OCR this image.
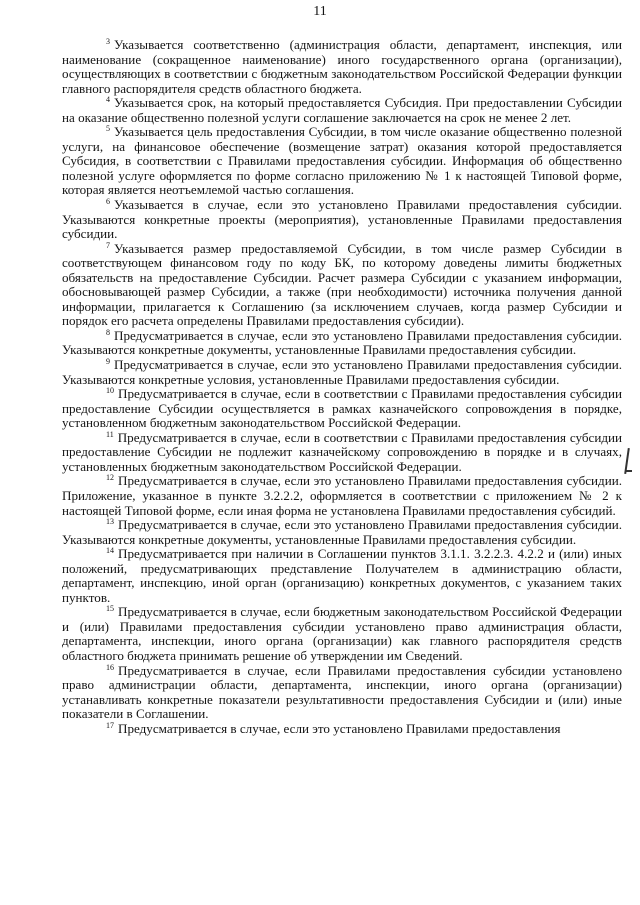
11

$^3$ Указывается соответственно (администрация области, департамент, инспекция, или наименование (сокращенное наименование) иного государственного органа (организации), осуществляющих в соответствии с бюджетным законодательством Российской Федерации функции главного распорядителя средств областного бюджета.

$^4$ Указывается срок, на который предоставляется Субсидия. При предоставлении Субсидии на оказание общественно полезной услуги соглашение заключается на срок не менее 2 лет.

$^5$ Указывается цель предоставления Субсидии, в том числе оказание общественно полезной услуги, на финансовое обеспечение (возмещение затрат) оказания которой предоставляется Субсидия, в соответствии с Правилами предоставления субсидии. Информация об общественно полезной услуге оформляется по форме согласно приложению № 1 к настоящей Типовой форме, которая является неотъемлемой частью соглашения.

$^6$ Указывается в случае, если это установлено Правилами предоставления субсидии. Указываются конкретные проекты (мероприятия), установленные Правилами предоставления субсидии.

$^7$ Указывается размер предоставляемой Субсидии, в том числе размер Субсидии в соответствующем финансовом году по коду БК, по которому доведены лимиты бюджетных обязательств на предоставление Субсидии. Расчет размера Субсидии с указанием информации, обосновывающей размер Субсидии, а также (при необходимости) источника получения данной информации, прилагается к Соглашению (за исключением случаев, когда размер Субсидии и порядок его расчета определены Правилами предоставления субсидии).

$^8$ Предусматривается в случае, если это установлено Правилами предоставления субсидии. Указываются конкретные документы, установленные Правилами предоставления субсидии.

$^9$ Предусматривается в случае, если это установлено Правилами предоставления субсидии. Указываются конкретные условия, установленные Правилами предоставления субсидии.

$^{10}$ Предусматривается в случае, если в соответствии с Правилами предоставления субсидии предоставление Субсидии осуществляется в рамках казначейского сопровождения в порядке, установленном бюджетным законодательством Российской Федерации.

$^{11}$ Предусматривается в случае, если в соответствии с Правилами предоставления субсидии предоставление Субсидии не подлежит казначейскому сопровождению в порядке и в случаях, установленных бюджетным законодательством Российской Федерации.

$^{12}$ Предусматривается в случае, если это установлено Правилами предоставления субсидии. Приложение, указанное в пункте 3.2.2.2, оформляется в соответствии с приложением № 2 к настоящей Типовой форме, если иная форма не установлена Правилами предоставления субсидий.

$^{13}$ Предусматривается в случае, если это установлено Правилами предоставления субсидии. Указываются конкретные документы, установленные Правилами предоставления субсидии.

$^{14}$ Предусматривается при наличии в Соглашении пунктов 3.1.1. 3.2.2.3. 4.2.2 и (или) иных положений, предусматривающих представление Получателем в администрацию области, департамент, инспекцию, иной орган (организацию) конкретных документов, с указанием таких пунктов.

$^{15}$ Предусматривается в случае, если бюджетным законодательством Российской Федерации и (или) Правилами предоставления субсидии установлено право администрация области, департамента, инспекции, иного органа (организации) как главного распорядителя средств областного бюджета принимать решение об утверждении им Сведений.

$^{16}$ Предусматривается в случае, если Правилами предоставления субсидии установлено право администрации области, департамента, инспекции, иного органа (организации) устанавливать конкретные показатели результативности предоставления Субсидии и (или) иные показатели в Соглашении.

$^{17}$ Предусматривается в случае, если это установлено Правилами предоставления
